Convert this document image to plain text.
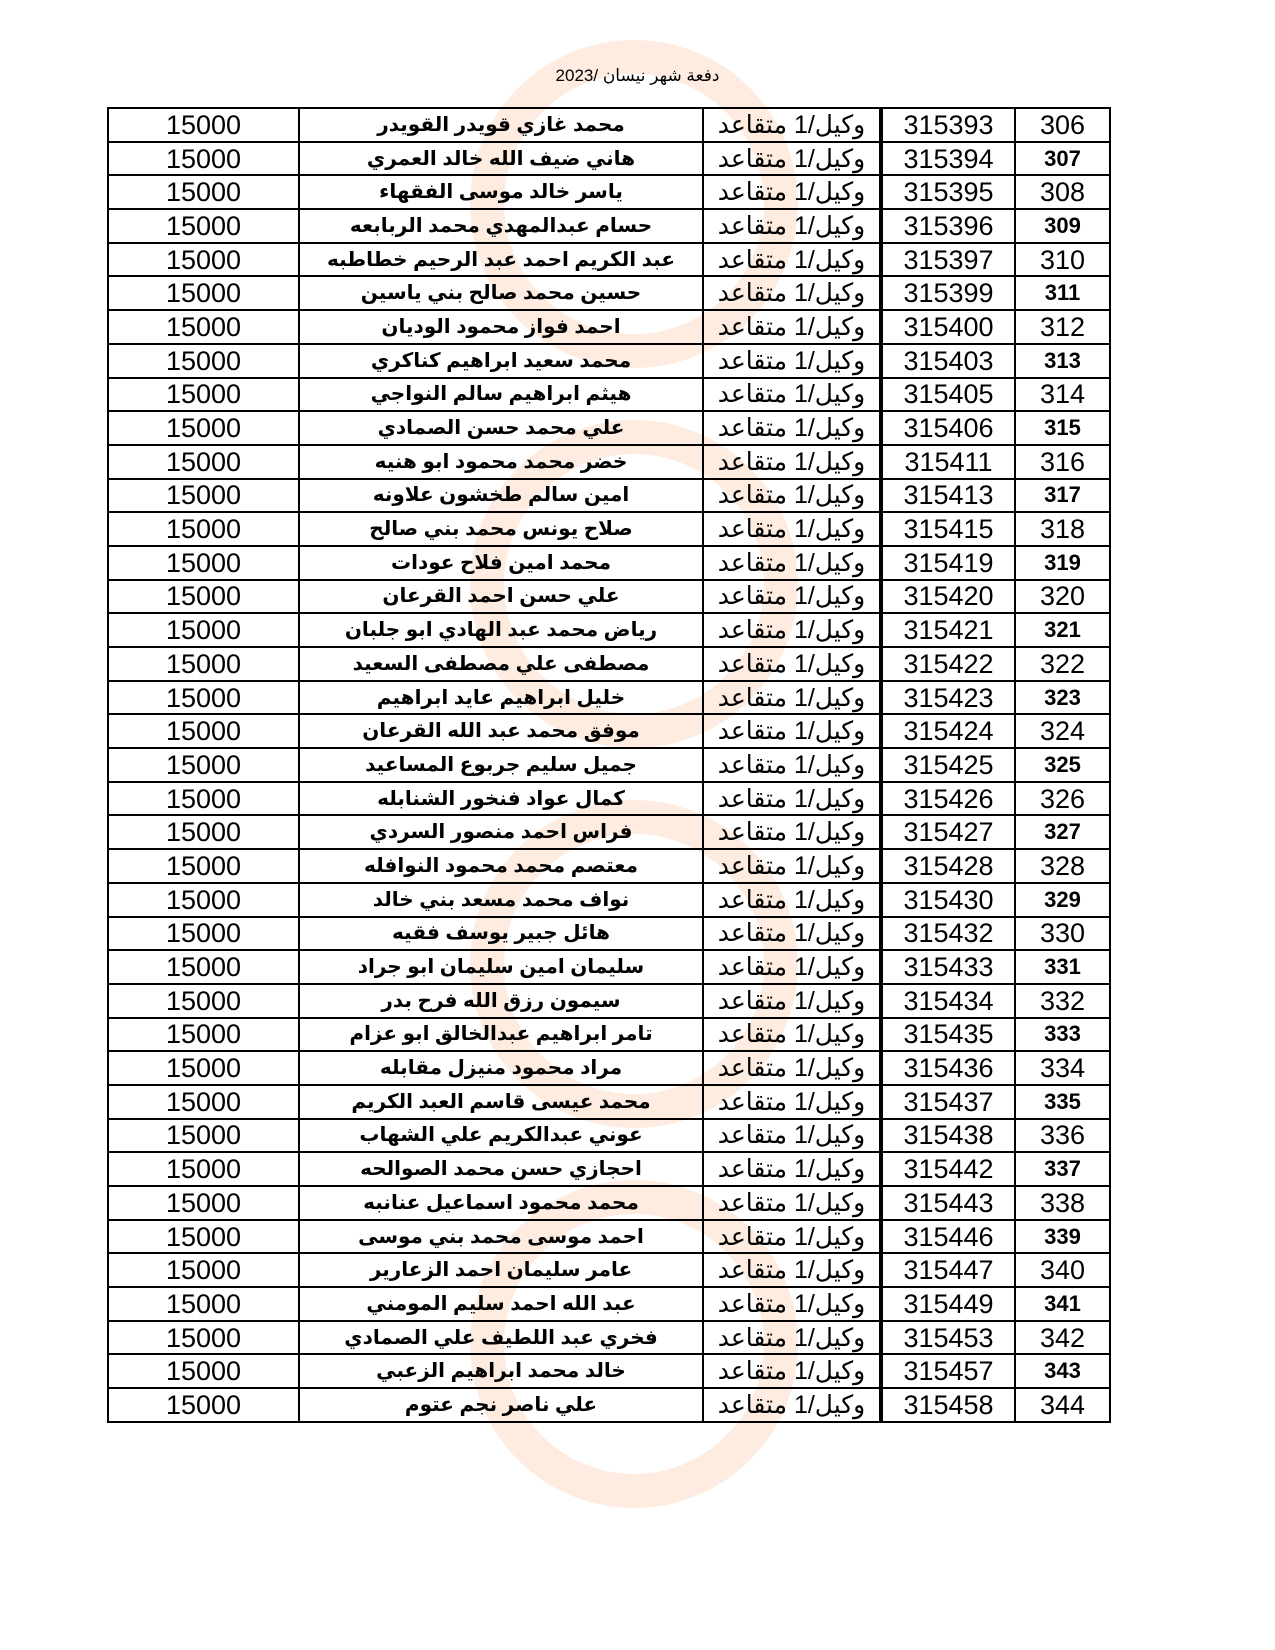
دفعة شهر نيسان /2023
15000	محمد غازي قويدر القويدر	وكيل/1 متقاعد	315393	306
15000	هاني ضيف الله خالد العمري	وكيل/1 متقاعد	315394	307
15000	ياسر خالد موسى الفقهاء	وكيل/1 متقاعد	315395	308
15000	حسام عبدالمهدي محمد الربابعه	وكيل/1 متقاعد	315396	309
15000	عبد الكريم احمد عبد الرحيم خطاطبه	وكيل/1 متقاعد	315397	310
15000	حسين محمد صالح بني ياسين	وكيل/1 متقاعد	315399	311
15000	احمد فواز محمود الوديان	وكيل/1 متقاعد	315400	312
15000	محمد سعيد ابراهيم كناكري	وكيل/1 متقاعد	315403	313
15000	هيثم ابراهيم سالم النواجي	وكيل/1 متقاعد	315405	314
15000	علي محمد حسن الصمادي	وكيل/1 متقاعد	315406	315
15000	خضر محمد محمود ابو هنيه	وكيل/1 متقاعد	315411	316
15000	امين سالم طخشون علاونه	وكيل/1 متقاعد	315413	317
15000	صلاح يونس محمد بني صالح	وكيل/1 متقاعد	315415	318
15000	محمد امين فلاح عودات	وكيل/1 متقاعد	315419	319
15000	علي حسن احمد القرعان	وكيل/1 متقاعد	315420	320
15000	رياض محمد عبد الهادي ابو جلبان	وكيل/1 متقاعد	315421	321
15000	مصطفى علي مصطفى السعيد	وكيل/1 متقاعد	315422	322
15000	خليل ابراهيم عايد ابراهيم	وكيل/1 متقاعد	315423	323
15000	موفق محمد عبد الله القرعان	وكيل/1 متقاعد	315424	324
15000	جميل سليم جربوع المساعيد	وكيل/1 متقاعد	315425	325
15000	كمال عواد فنخور الشنابله	وكيل/1 متقاعد	315426	326
15000	فراس احمد منصور السردي	وكيل/1 متقاعد	315427	327
15000	معتصم محمد محمود النوافله	وكيل/1 متقاعد	315428	328
15000	نواف محمد مسعد بني خالد	وكيل/1 متقاعد	315430	329
15000	هائل جبير يوسف فقيه	وكيل/1 متقاعد	315432	330
15000	سليمان امين سليمان ابو جراد	وكيل/1 متقاعد	315433	331
15000	سيمون رزق الله فرح بدر	وكيل/1 متقاعد	315434	332
15000	تامر ابراهيم عبدالخالق ابو عزام	وكيل/1 متقاعد	315435	333
15000	مراد محمود منيزل مقابله	وكيل/1 متقاعد	315436	334
15000	محمد عيسى قاسم العبد الكريم	وكيل/1 متقاعد	315437	335
15000	عوني عبدالكريم علي الشهاب	وكيل/1 متقاعد	315438	336
15000	احجازي حسن محمد الصوالحه	وكيل/1 متقاعد	315442	337
15000	محمد محمود اسماعيل عنانبه	وكيل/1 متقاعد	315443	338
15000	احمد موسى محمد بني موسى	وكيل/1 متقاعد	315446	339
15000	عامر سليمان احمد الزعارير	وكيل/1 متقاعد	315447	340
15000	عبد الله احمد سليم المومني	وكيل/1 متقاعد	315449	341
15000	فخري عبد اللطيف علي الصمادي	وكيل/1 متقاعد	315453	342
15000	خالد محمد ابراهيم الزعبي	وكيل/1 متقاعد	315457	343
15000	علي ناصر نجم عتوم	وكيل/1 متقاعد	315458	344
